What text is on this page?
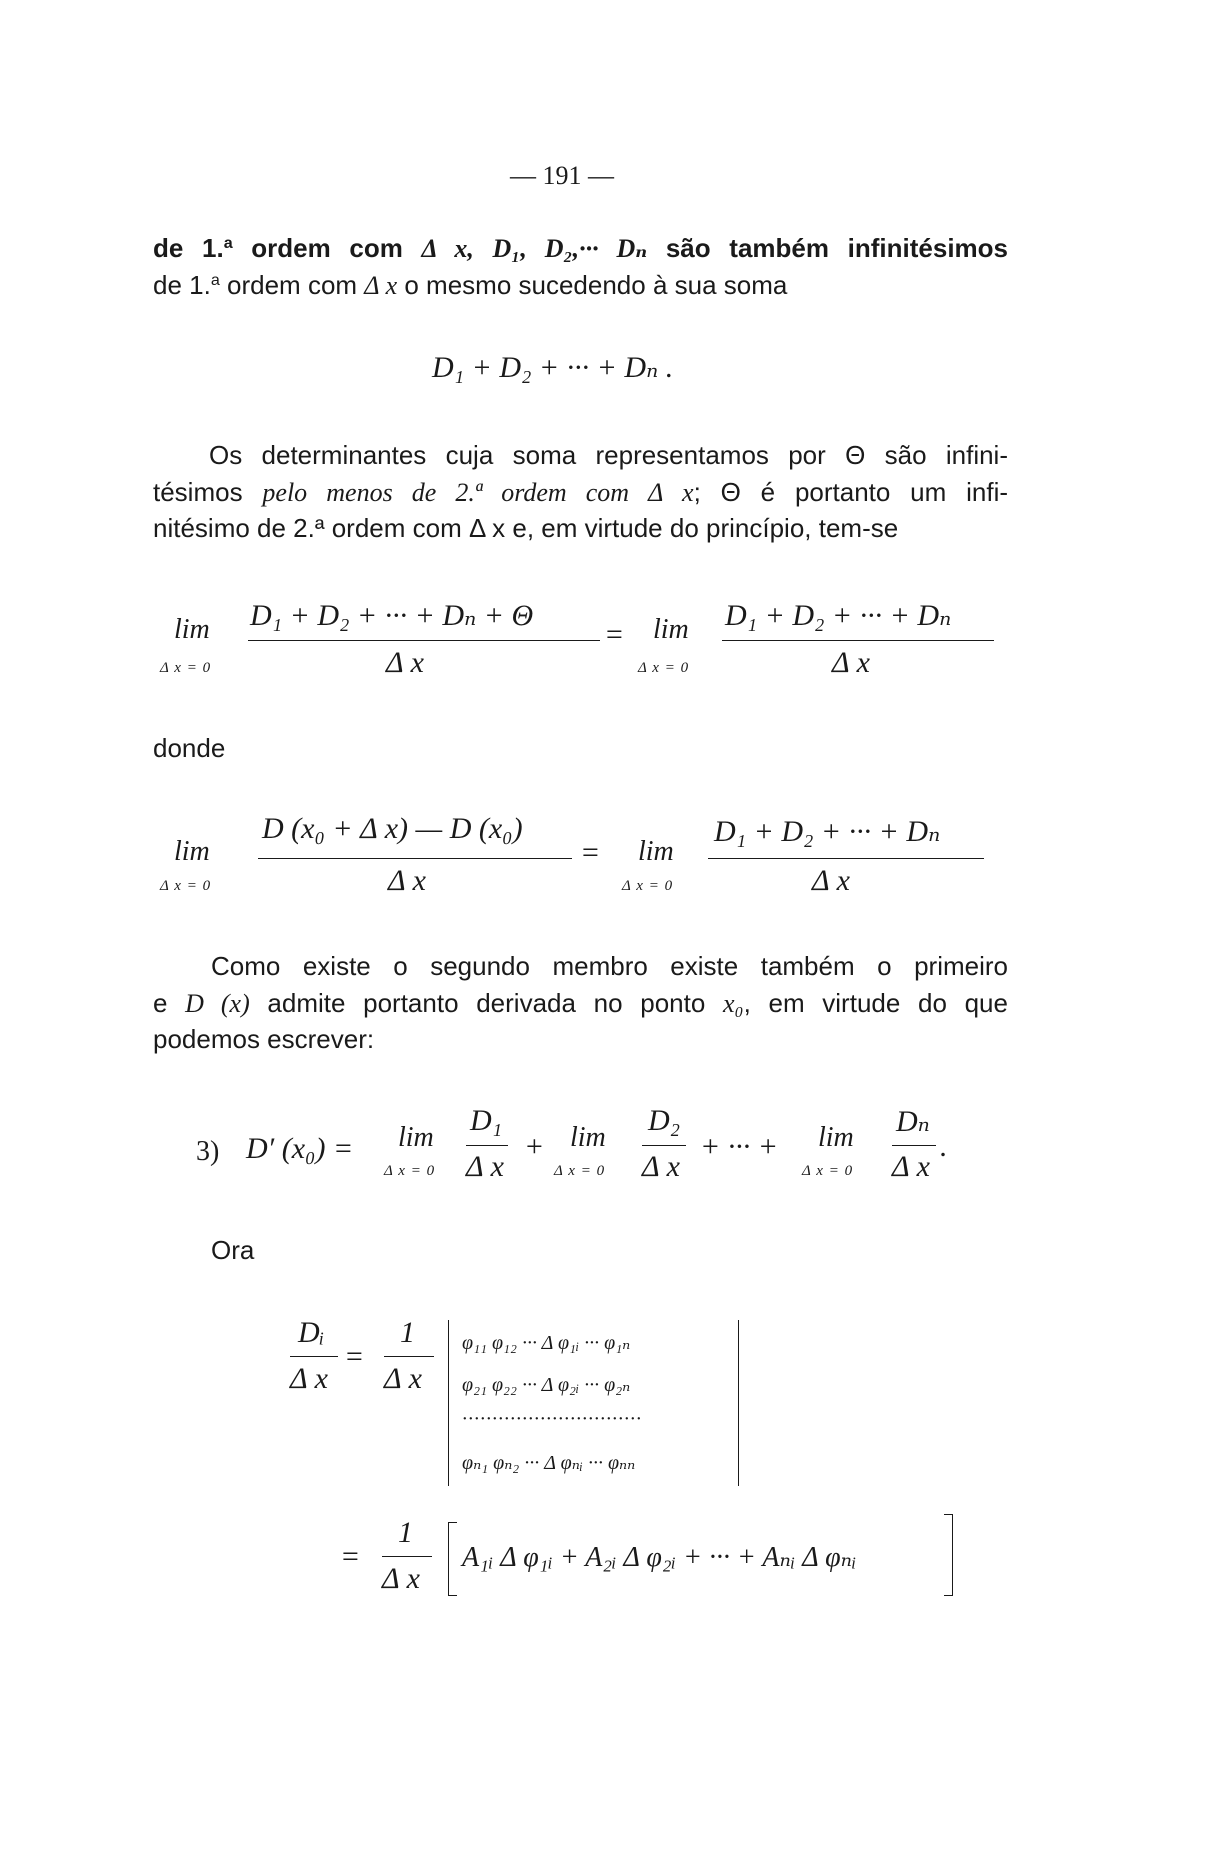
— 191 —
de 1.$^a$ ordem com Δ x, D₁, D₂,··· Dₙ são também infinitésimos
de 1.$^a$ ordem com Δ x o mesmo sucedendo à sua soma
D₁ + D₂ + ··· + Dₙ .
Os determinantes cuja soma representamos por Θ são infini-
tésimos pelo menos de 2.ª ordem com Δ x; Θ é portanto um infi-
nitésimo de 2.ª ordem com Δ x e, em virtude do princípio, tem-se
lim
Δ x = 0
D₁ + D₂ + ··· + Dₙ + Θ
Δ x
= lim
Δ x = 0
D₁ + D₂ + ··· + Dₙ
Δ x
donde
lim
Δ x = 0
D (x₀ + Δ x) — D (x₀)
Δ x
= lim
Δ x = 0
D₁ + D₂ + ··· + Dₙ
Δ x
Como existe o segundo membro existe também o primeiro
e D (x) admite portanto derivada no ponto x₀, em virtude do que
podemos escrever:
3) D′ (x₀) = lim
Δ x = 0
D₁
Δ x
+ lim
Δ x = 0
D₂
Δ x
+ ··· + lim
Δ x = 0
Dₙ
Δ x
.
Ora
Dᵢ
Δ x
=
1
Δ x
φ₁₁ φ₁₂ ··· Δ φ₁ᵢ ··· φ₁ₙ
φ₂₁ φ₂₂ ··· Δ φ₂ᵢ ··· φ₂ₙ
······························
φₙ₁ φₙ₂ ··· Δ φₙᵢ ··· φₙₙ
=
1
Δ x
A₁ᵢ Δ φ₁ᵢ + A₂ᵢ Δ φ₂ᵢ + ··· + Aₙᵢ Δ φₙᵢ
